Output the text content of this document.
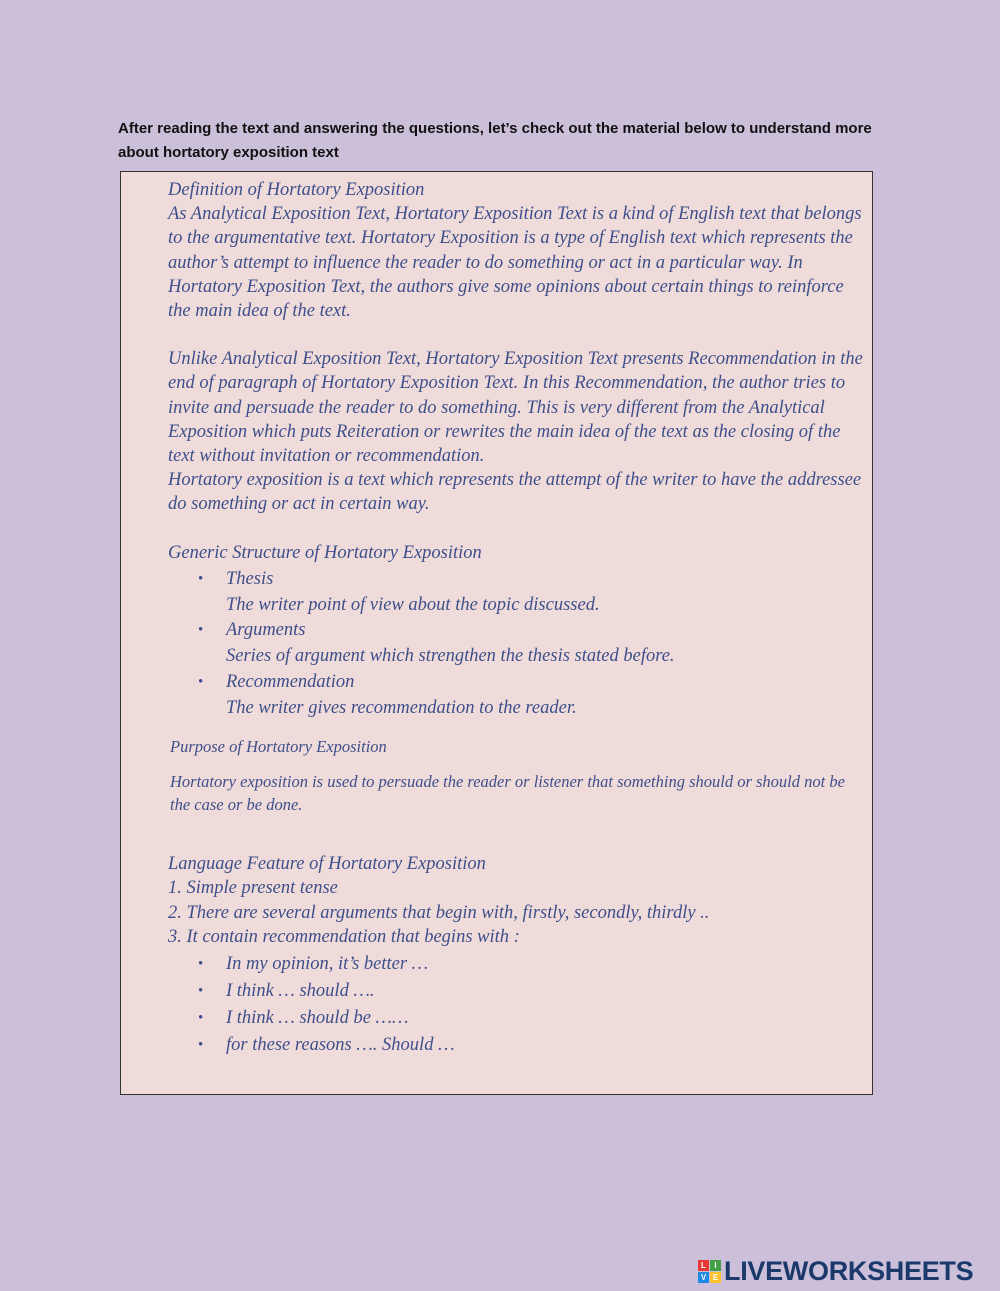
After reading the text and answering the questions, let’s check out the material below to understand more about hortatory exposition text

Definition of Hortatory Exposition

As Analytical Exposition Text, Hortatory Exposition Text is a kind of English text that belongs to the argumentative text. Hortatory Exposition is a type of English text which represents the author’s attempt to influence the reader to do something or act in a particular way. In Hortatory Exposition Text, the authors give some opinions about certain things to reinforce the main idea of the text.

Unlike Analytical Exposition Text, Hortatory Exposition Text presents Recommendation in the end of paragraph of Hortatory Exposition Text. In this Recommendation, the author tries to invite and persuade the reader to do something. This is very different from the Analytical Exposition which puts Reiteration or rewrites the main idea of the text as the closing of the text without invitation or recommendation.

Hortatory exposition is a text which represents the attempt of the writer to have the addressee do something or act in certain way.

Generic Structure of Hortatory Exposition

• Thesis
The writer point of view about the topic discussed.
• Arguments
Series of argument which strengthen the thesis stated before.
• Recommendation
The writer gives recommendation to the reader.

Purpose of Hortatory Exposition

Hortatory exposition is used to persuade the reader or listener that something should or should not be the case or be done.

Language Feature of Hortatory Exposition

1. Simple present tense

2. There are several arguments that begin with, firstly, secondly, thirdly ..

3. It contain recommendation that begins with :

• In my opinion, it’s better …
• I think … should ….
• I think … should be ……
• for these reasons …. Should …
L	I
V E LIVEWORKSHEETS
